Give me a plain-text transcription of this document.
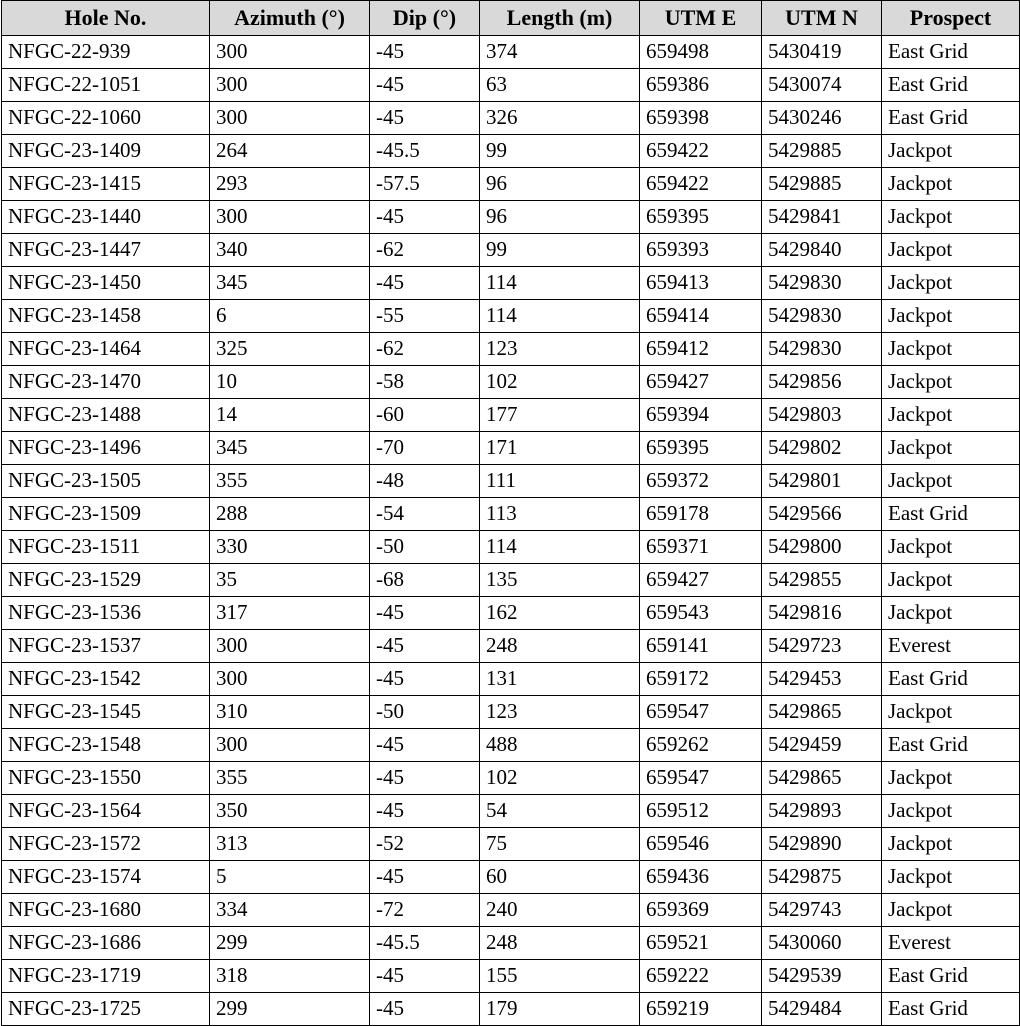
Hole No.	Azimuth (°)	Dip (°)	Length (m)	UTM E	UTM N	Prospect
NFGC-22-939	300	-45	374	659498	5430419	East Grid
NFGC-22-1051	300	-45	63	659386	5430074	East Grid
NFGC-22-1060	300	-45	326	659398	5430246	East Grid
NFGC-23-1409	264	-45.5	99	659422	5429885	Jackpot
NFGC-23-1415	293	-57.5	96	659422	5429885	Jackpot
NFGC-23-1440	300	-45	96	659395	5429841	Jackpot
NFGC-23-1447	340	-62	99	659393	5429840	Jackpot
NFGC-23-1450	345	-45	114	659413	5429830	Jackpot
NFGC-23-1458	6	-55	114	659414	5429830	Jackpot
NFGC-23-1464	325	-62	123	659412	5429830	Jackpot
NFGC-23-1470	10	-58	102	659427	5429856	Jackpot
NFGC-23-1488	14	-60	177	659394	5429803	Jackpot
NFGC-23-1496	345	-70	171	659395	5429802	Jackpot
NFGC-23-1505	355	-48	111	659372	5429801	Jackpot
NFGC-23-1509	288	-54	113	659178	5429566	East Grid
NFGC-23-1511	330	-50	114	659371	5429800	Jackpot
NFGC-23-1529	35	-68	135	659427	5429855	Jackpot
NFGC-23-1536	317	-45	162	659543	5429816	Jackpot
NFGC-23-1537	300	-45	248	659141	5429723	Everest
NFGC-23-1542	300	-45	131	659172	5429453	East Grid
NFGC-23-1545	310	-50	123	659547	5429865	Jackpot
NFGC-23-1548	300	-45	488	659262	5429459	East Grid
NFGC-23-1550	355	-45	102	659547	5429865	Jackpot
NFGC-23-1564	350	-45	54	659512	5429893	Jackpot
NFGC-23-1572	313	-52	75	659546	5429890	Jackpot
NFGC-23-1574	5	-45	60	659436	5429875	Jackpot
NFGC-23-1680	334	-72	240	659369	5429743	Jackpot
NFGC-23-1686	299	-45.5	248	659521	5430060	Everest
NFGC-23-1719	318	-45	155	659222	5429539	East Grid
NFGC-23-1725	299	-45	179	659219	5429484	East Grid
